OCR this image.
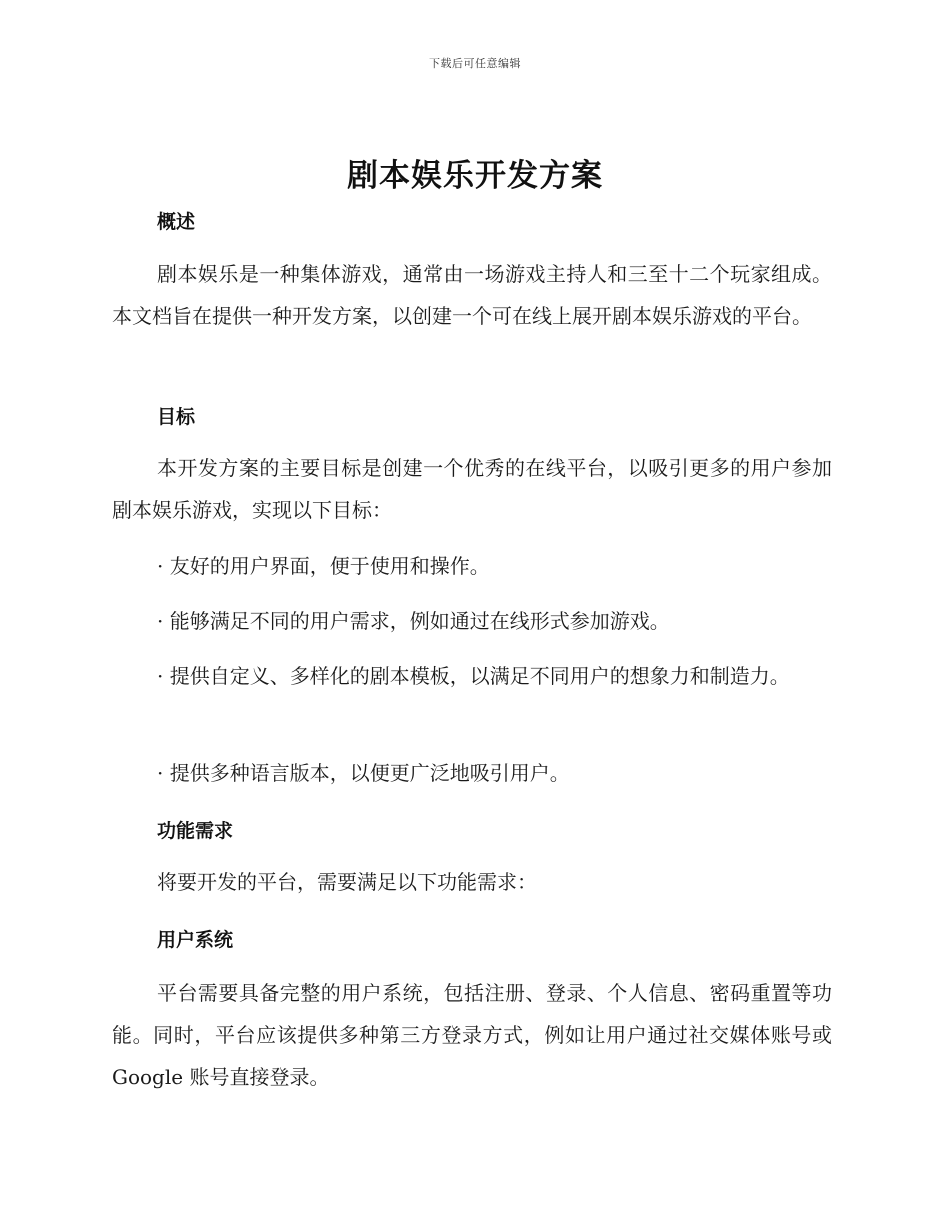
下载后可任意编辑
剧本娱乐开发方案
概述

剧本娱乐是一种集体游戏，通常由一场游戏主持人和三至十二个玩家组成。本文档旨在提供一种开发方案，以创建一个可在线上展开剧本娱乐游戏的平台。

目标

本开发方案的主要目标是创建一个优秀的在线平台，以吸引更多的用户参加剧本娱乐游戏，实现以下目标：

· 友好的用户界面，便于使用和操作。

· 能够满足不同的用户需求，例如通过在线形式参加游戏。

· 提供自定义、多样化的剧本模板，以满足不同用户的想象力和制造力。

· 提供多种语言版本，以便更广泛地吸引用户。

功能需求

将要开发的平台，需要满足以下功能需求：

用户系统

平台需要具备完整的用户系统，包括注册、登录、个人信息、密码重置等功能。同时，平台应该提供多种第三方登录方式，例如让用户通过社交媒体账号或 Google 账号直接登录。
